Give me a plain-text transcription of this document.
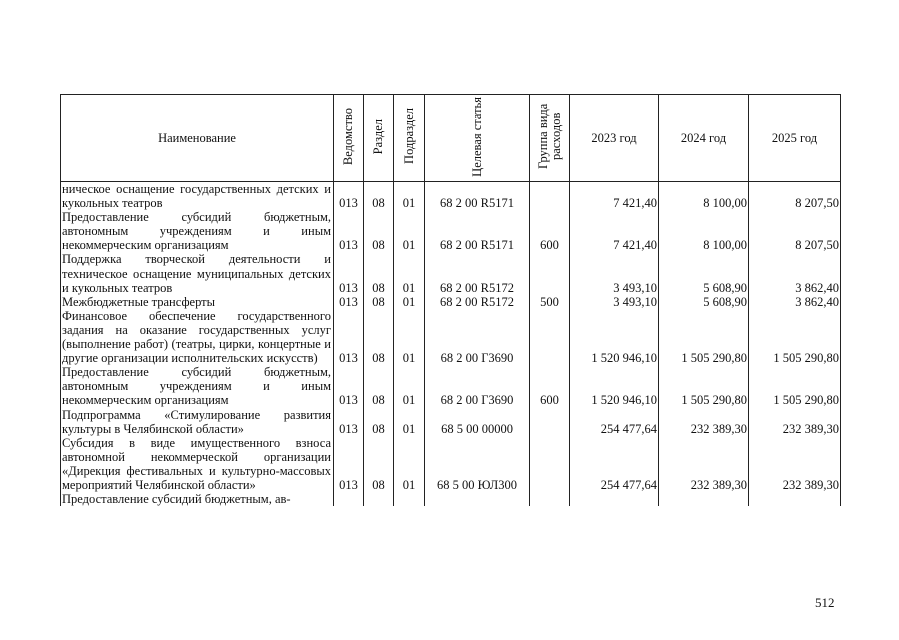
Наименование	Ведомство	Раздел	Подраздел	Целевая статья	Группа вида расходов	2023 год	2024 год	2025 год
ническое оснащение государственных детских и кукольных театров	013	08	01	68 2 00 R5171		7 421,40	8 100,00	8 207,50
Предоставление субсидий бюджетным, автономным учреждениям и иным некоммерческим организациям	013	08	01	68 2 00 R5171	600	7 421,40	8 100,00	8 207,50
Поддержка творческой деятельности и техническое оснащение муниципальных детских и кукольных театров	013	08	01	68 2 00 R5172		3 493,10	5 608,90	3 862,40
Межбюджетные трансферты	013	08	01	68 2 00 R5172	500	3 493,10	5 608,90	3 862,40
Финансовое обеспечение государственного задания на оказание государственных услуг (выполнение работ) (театры, цирки, концертные и другие организации исполнительских искусств)	013	08	01	68 2 00 Г3690		1 520 946,10	1 505 290,80	1 505 290,80
Предоставление субсидий бюджетным, автономным учреждениям и иным некоммерческим организациям	013	08	01	68 2 00 Г3690	600	1 520 946,10	1 505 290,80	1 505 290,80
Подпрограмма «Стимулирование развития культуры в Челябинской области»	013	08	01	68 5 00 00000		254 477,64	232 389,30	232 389,30
Субсидия в виде имущественного взноса автономной некоммерческой организации «Дирекция фестивальных и культурно-массовых мероприятий Челябинской области»	013	08	01	68 5 00 ЮЛ300		254 477,64	232 389,30	232 389,30
Предоставление субсидий бюджетным, ав-								
512
